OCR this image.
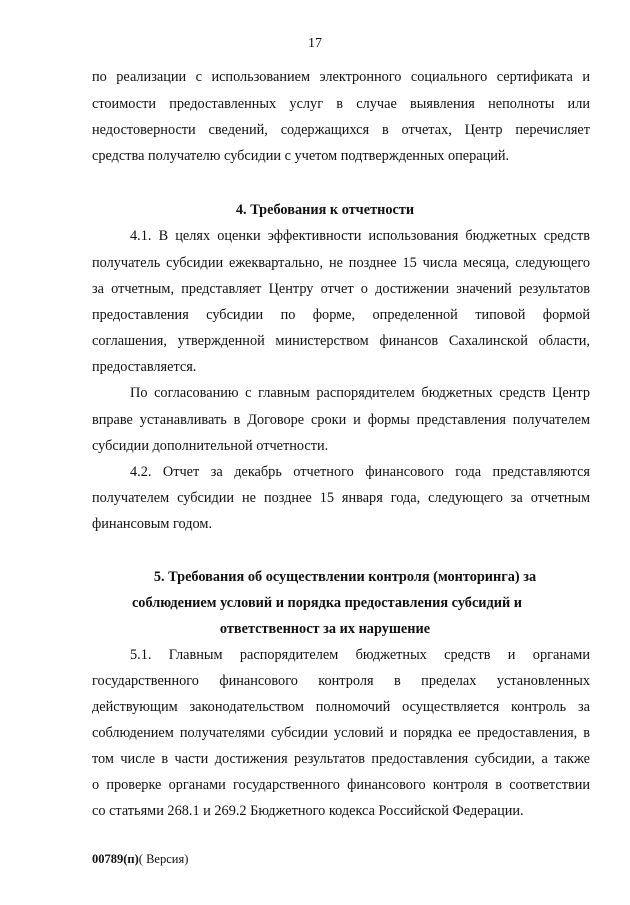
17
по реализации с использованием электронного социального сертификата и
стоимости предоставленных услуг в случае выявления неполноты или
недостоверности сведений, содержащихся в отчетах, Центр перечисляет
средства получателю субсидии с учетом подтвержденных операций.
4. Требования к отчетности
4.1. В целях оценки эффективности использования бюджетных средств
получатель субсидии ежеквартально, не позднее 15 числа месяца, следующего
за отчетным, представляет Центру отчет о достижении значений результатов
предоставления субсидии по форме, определенной типовой формой
соглашения, утвержденной министерством финансов Сахалинской области,
предоставляется.
По согласованию с главным распорядителем бюджетных средств Центр
вправе устанавливать в Договоре сроки и формы представления получателем
субсидии дополнительной отчетности.
4.2. Отчет за декабрь отчетного финансового года представляются
получателем субсидии не позднее 15 января года, следующего за отчетным
финансовым годом.
5. Требования об осуществлении контроля (монторинга) за
соблюдением условий и порядка предоставления субсидий и
ответственност за их нарушение
5.1. Главным распорядителем бюджетных средств и органами
государственного финансового контроля в пределах установленных
действующим законодательством полномочий осуществляется контроль за
соблюдением получателями субсидии условий и порядка ее предоставления, в
том числе в части достижения результатов предоставления субсидии, а также
о проверке органами государственного финансового контроля в соответствии
со статьями 268.1 и 269.2 Бюджетного кодекса Российской Федерации.
00789(п)( Версия)
